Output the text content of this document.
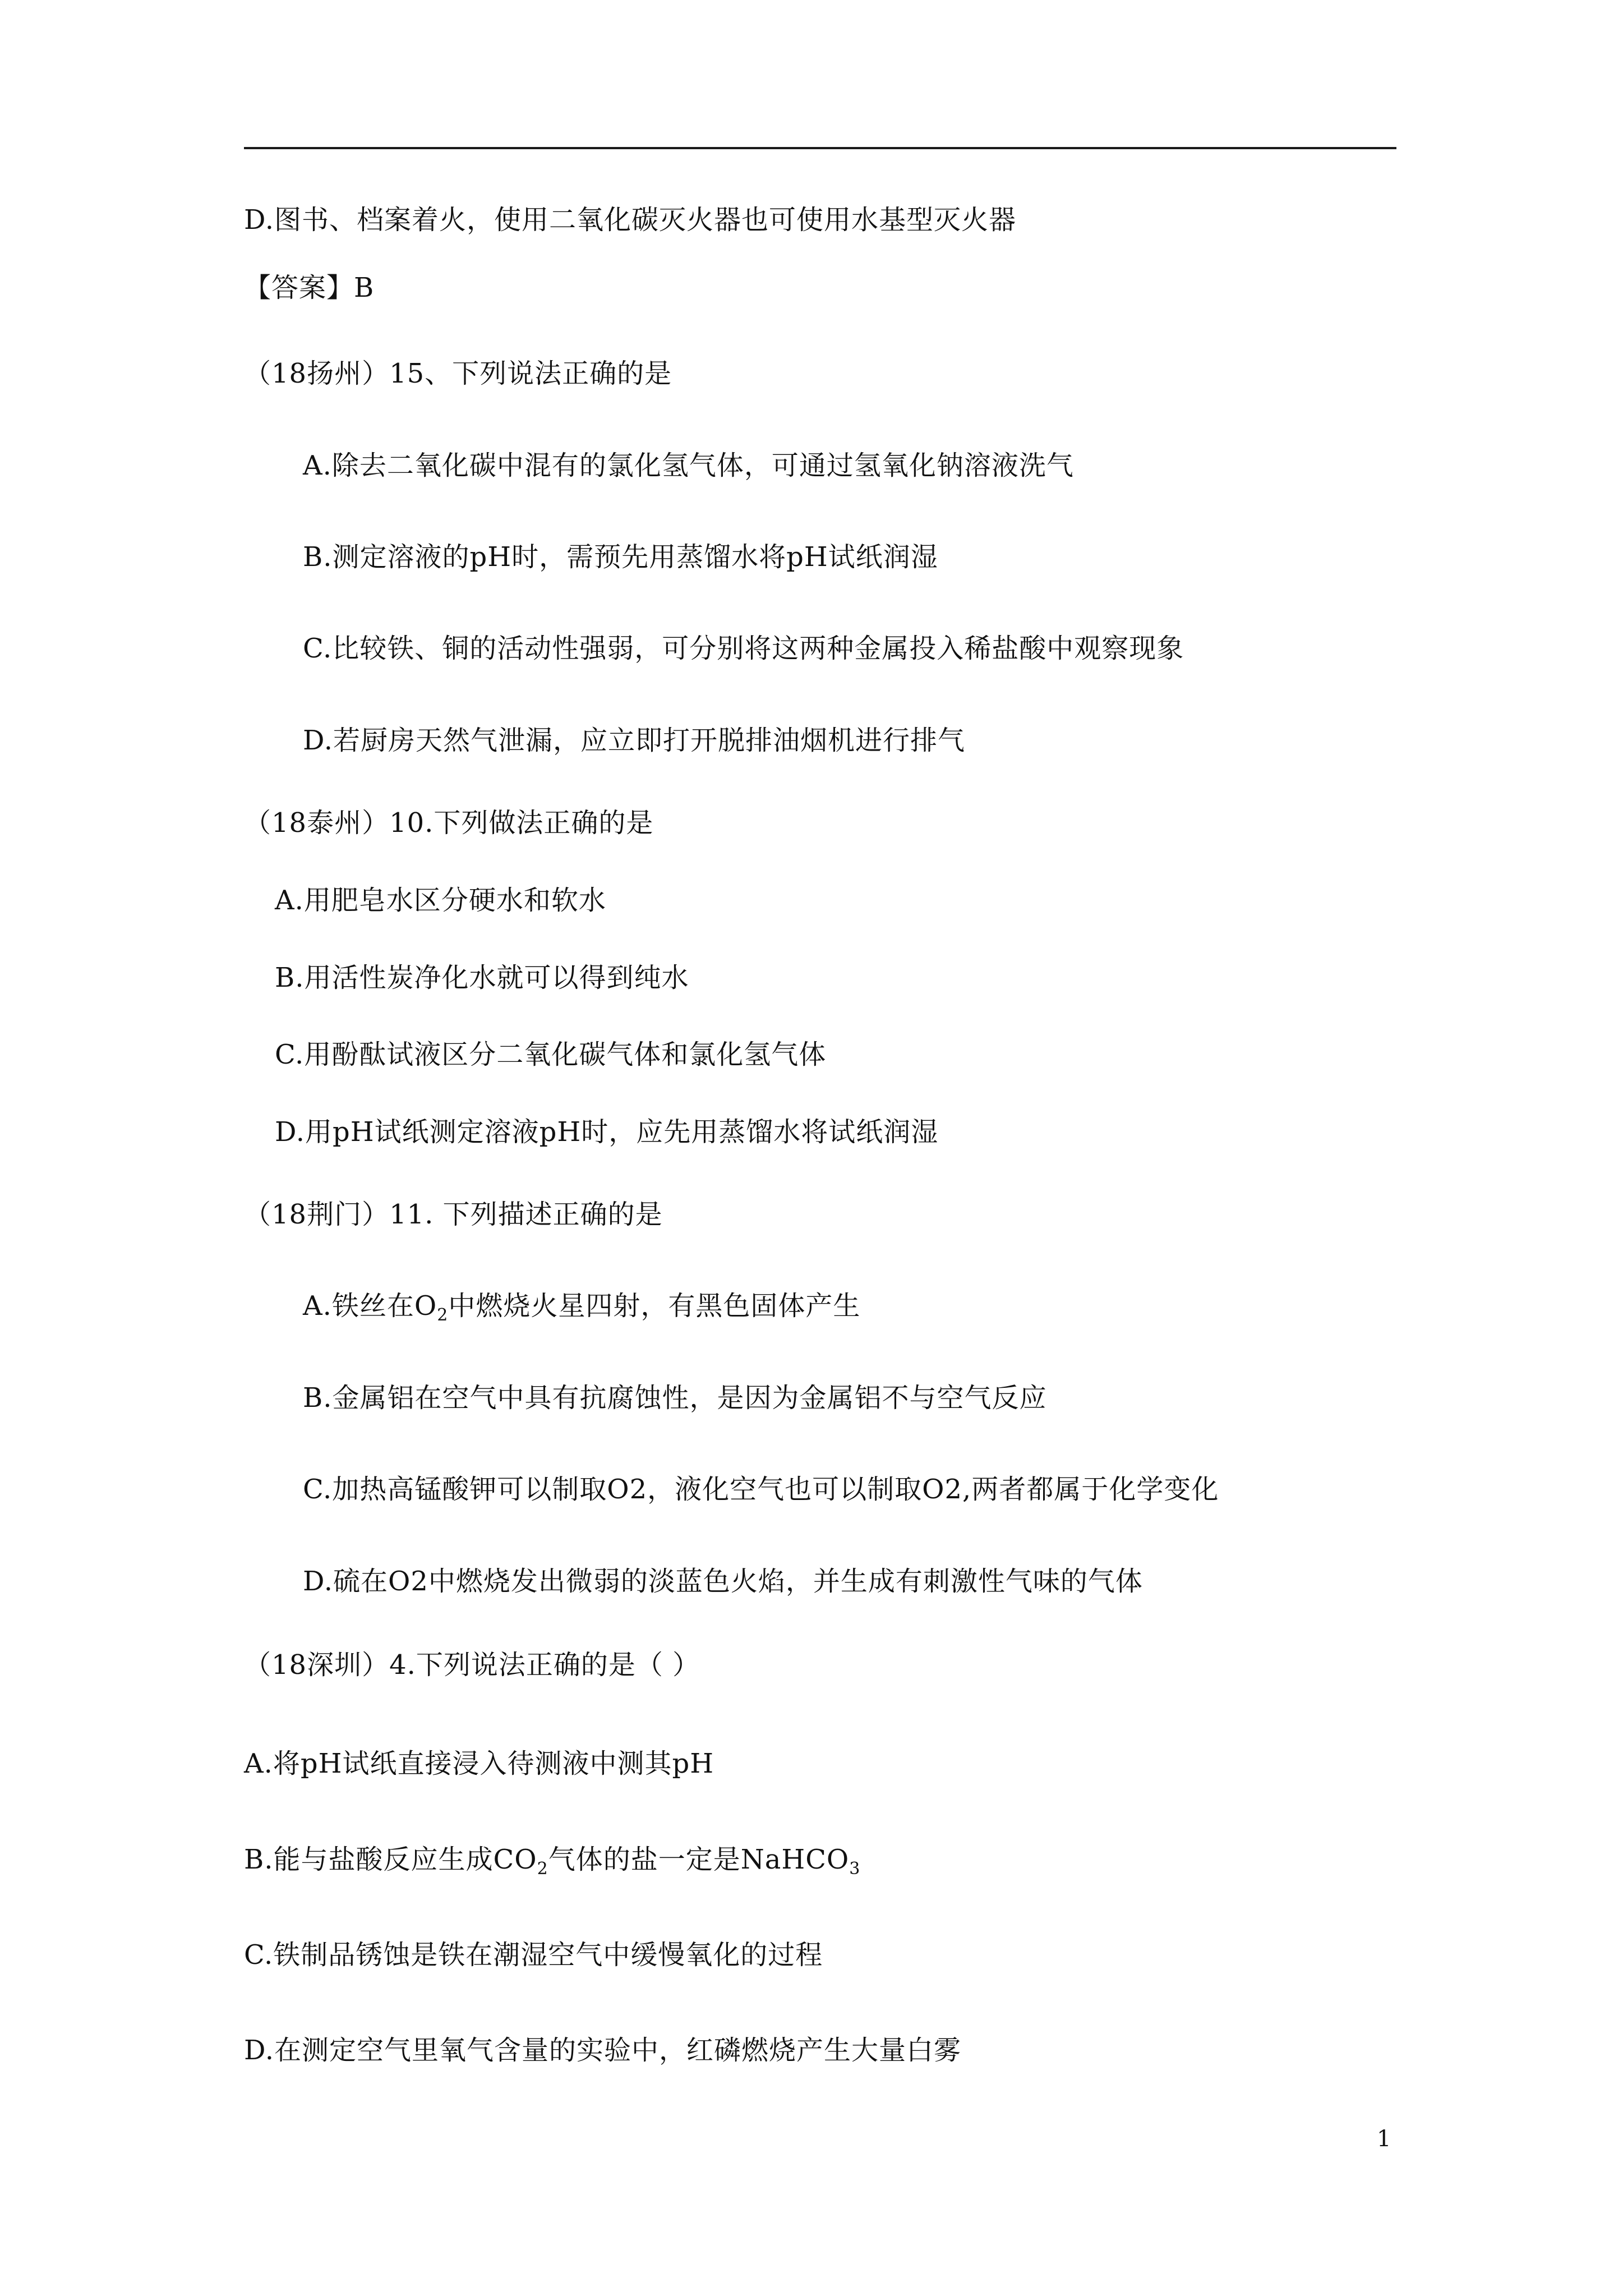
D.图书、档案着火，使用二氧化碳灭火器也可使用水基型灭火器
【答案】B
（18扬州）15、下列说法正确的是
A.除去二氧化碳中混有的氯化氢气体，可通过氢氧化钠溶液洗气
B.测定溶液的pH时，需预先用蒸馏水将pH试纸润湿
C.比较铁、铜的活动性强弱，可分别将这两种金属投入稀盐酸中观察现象
D.若厨房天然气泄漏，应立即打开脱排油烟机进行排气
（18泰州）10.下列做法正确的是
A.用肥皂水区分硬水和软水
B.用活性炭净化水就可以得到纯水
C.用酚酞试液区分二氧化碳气体和氯化氢气体
D.用pH试纸测定溶液pH时，应先用蒸馏水将试纸润湿
（18荆门）11. 下列描述正确的是
A.铁丝在$O_2$中燃烧火星四射，有黑色固体产生
B.金属铝在空气中具有抗腐蚀性，是因为金属铝不与空气反应
C.加热高锰酸钾可以制取O2，液化空气也可以制取O2,两者都属于化学变化
D.硫在O2中燃烧发出微弱的淡蓝色火焰，并生成有刺激性气味的气体
（18深圳）4.下列说法正确的是（ ）
A.将pH试纸直接浸入待测液中测其pH
B.能与盐酸反应生成$CO_2$气体的盐一定是NaHCO$_3$
C.铁制品锈蚀是铁在潮湿空气中缓慢氧化的过程
D.在测定空气里氧气含量的实验中，红磷燃烧产生大量白雾
1
